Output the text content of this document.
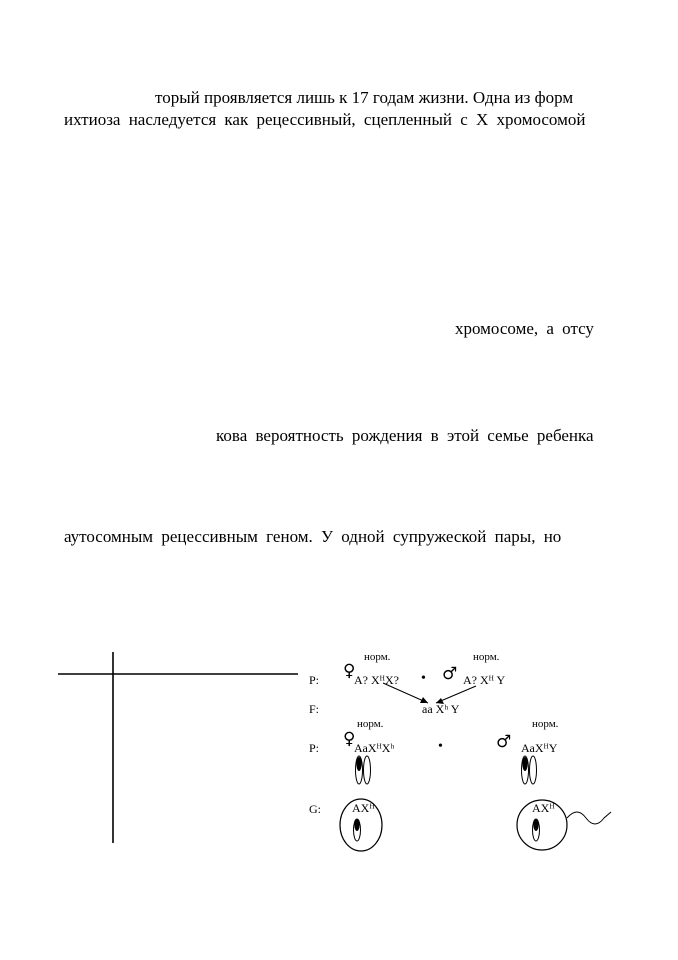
торый проявляется лишь к 17 годам жизни. Одна из форм
ихтиоза наследуется как рецессивный, сцепленный с X хромосомой
хромосоме, а отсу
кова вероятность рождения в этой семье ребенка
аутосомным рецессивным геном. У одной супружеской пары, но
P:
F:
P:
G:
норм.	норм.
♀
А? XᴴX? • ♂ А? Xᴴ Y
аа Xʰ Y
норм.	норм.
♀
АаXᴴXʰ	•	♂ АаXᴴY
АXᴴ	АXᴴ
